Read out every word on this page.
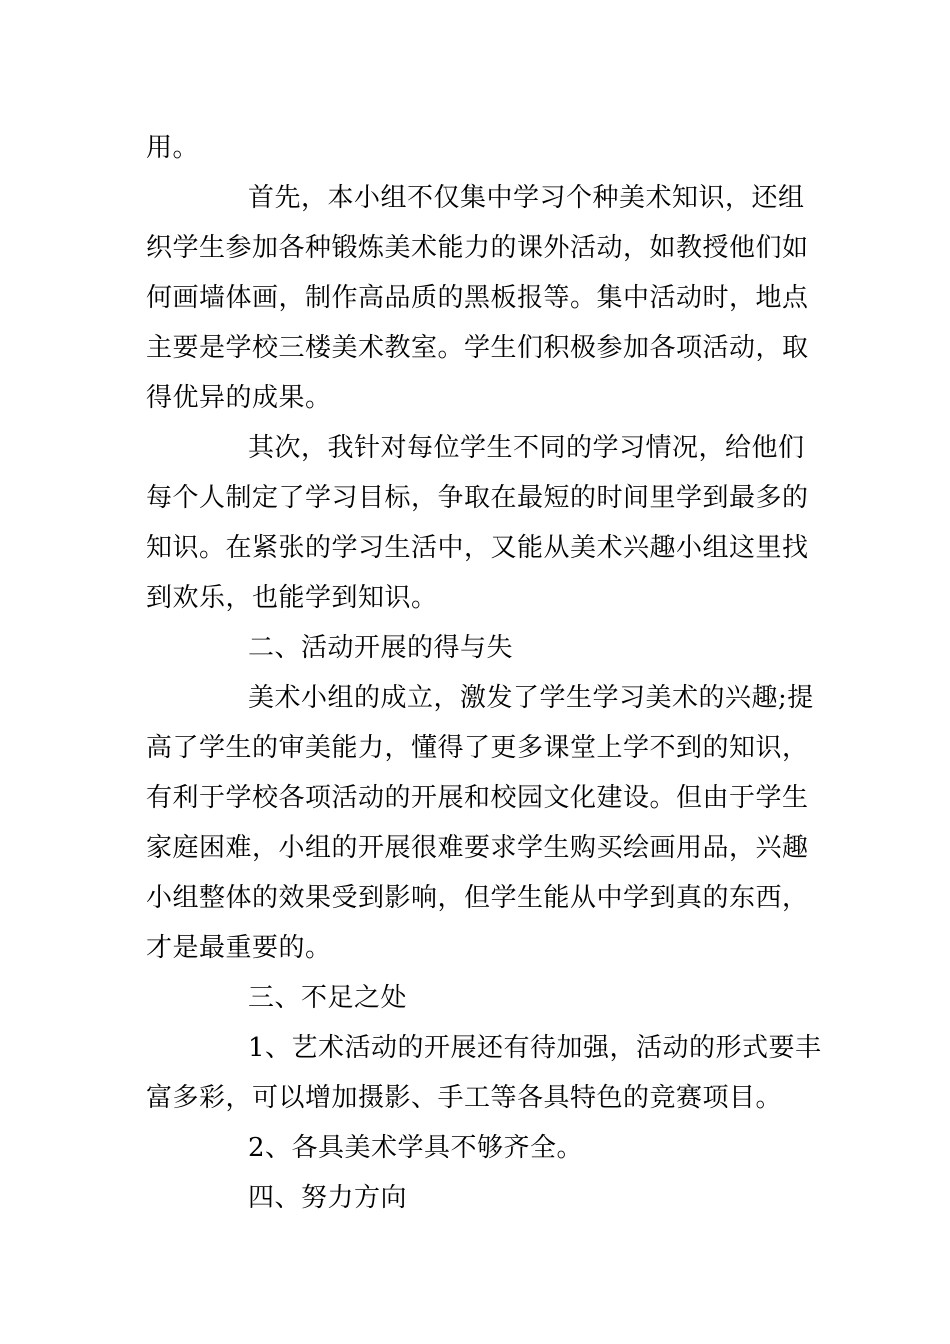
用。
首先，本小组不仅集中学习个种美术知识，还组
织学生参加各种锻炼美术能力的课外活动，如教授他们如
何画墙体画，制作高品质的黑板报等。集中活动时，地点
主要是学校三楼美术教室。学生们积极参加各项活动，取
得优异的成果。
其次，我针对每位学生不同的学习情况，给他们
每个人制定了学习目标，争取在最短的时间里学到最多的
知识。在紧张的学习生活中，又能从美术兴趣小组这里找
到欢乐，也能学到知识。
二、活动开展的得与失
美术小组的成立，激发了学生学习美术的兴趣;提
高了学生的审美能力，懂得了更多课堂上学不到的知识，
有利于学校各项活动的开展和校园文化建设。但由于学生
家庭困难，小组的开展很难要求学生购买绘画用品，兴趣
小组整体的效果受到影响，但学生能从中学到真的东西，
才是最重要的。
三、不足之处
1、艺术活动的开展还有待加强，活动的形式要丰
富多彩，可以增加摄影、手工等各具特色的竞赛项目。
2、各具美术学具不够齐全。
四、努力方向
